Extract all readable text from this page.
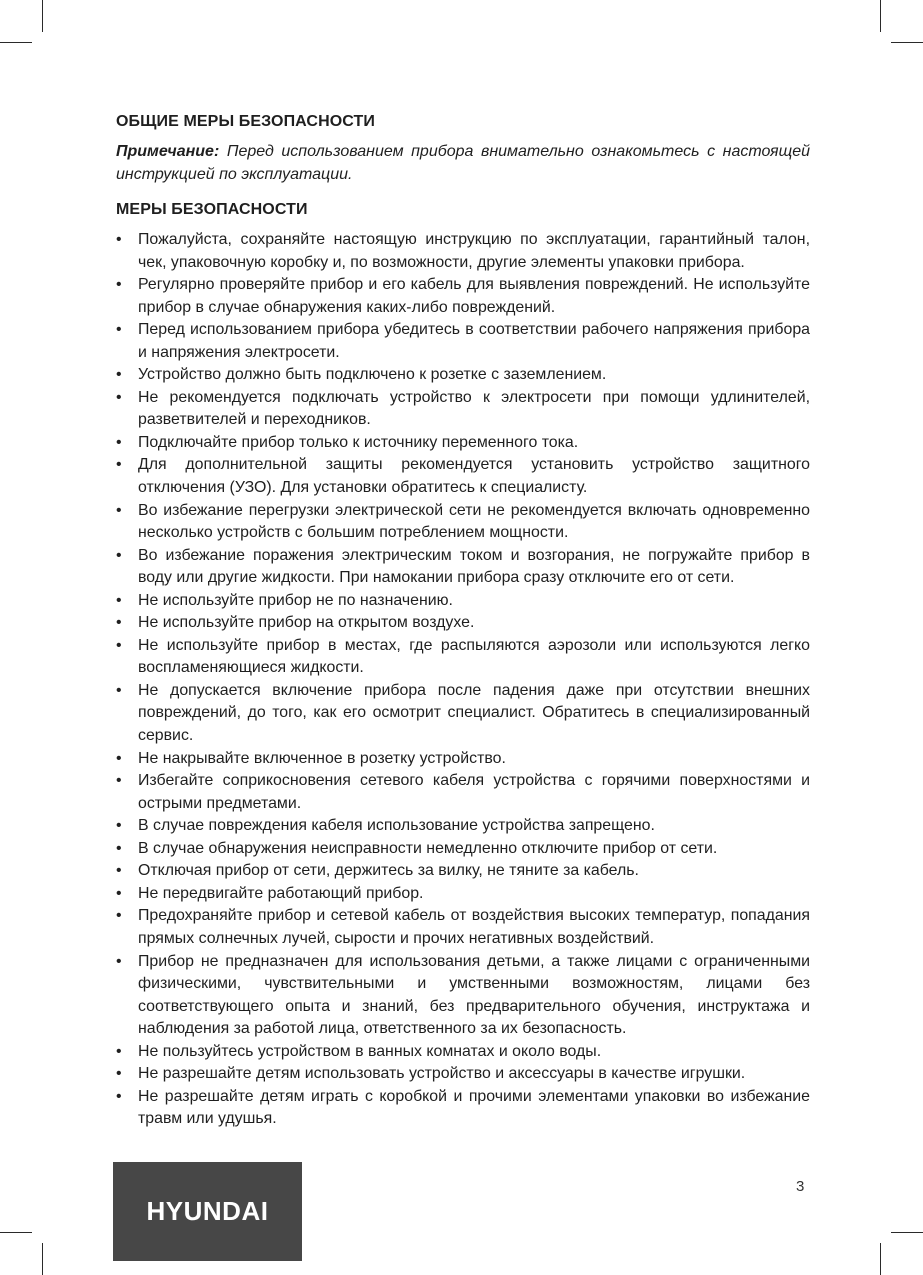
ОБЩИЕ МЕРЫ БЕЗОПАСНОСТИ

Примечание: Перед использованием прибора внимательно ознакомьтесь с настоящей инструкцией по эксплуатации.

МЕРЫ БЕЗОПАСНОСТИ
• Пожалуйста, сохраняйте настоящую инструкцию по эксплуатации, гарантийный талон, чек, упаковочную коробку и, по возможности, другие элементы упаковки прибора.
• Регулярно проверяйте прибор и его кабель для выявления повреждений. Не используйте прибор в случае обнаружения каких-либо повреждений.
• Перед использованием прибора убедитесь в соответствии рабочего напряжения прибора и напряжения электросети.
• Устройство должно быть подключено к розетке с заземлением.
• Не рекомендуется подключать устройство к электросети при помощи удлинителей, разветвителей и переходников.
• Подключайте прибор только к источнику переменного тока.
• Для дополнительной защиты рекомендуется установить устройство защитного отключения (УЗО). Для установки обратитесь к специалисту.
• Во избежание перегрузки электрической сети не рекомендуется включать одновременно несколько устройств с большим потреблением мощности.
• Во избежание поражения электрическим током и возгорания, не погружайте прибор в воду или другие жидкости. При намокании прибора сразу отключите его от сети.
• Не используйте прибор не по назначению.
• Не используйте прибор на открытом воздухе.
• Не используйте прибор в местах, где распыляются аэрозоли или используются легко воспламеняющиеся жидкости.
• Не допускается включение прибора после падения даже при отсутствии внешних повреждений, до того, как его осмотрит специалист. Обратитесь в специализированный сервис.
• Не накрывайте включенное в розетку устройство.
• Избегайте соприкосновения сетевого кабеля устройства с горячими поверхностями и острыми предметами.
• В случае повреждения кабеля использование устройства запрещено.
• В случае обнаружения неисправности немедленно отключите прибор от сети.
• Отключая прибор от сети, держитесь за вилку, не тяните за кабель.
• Не передвигайте работающий прибор.
• Предохраняйте прибор и сетевой кабель от воздействия высоких температур, попадания прямых солнечных лучей, сырости и прочих негативных воздействий.
• Прибор не предназначен для использования детьми, а также лицами с ограниченными физическими, чувствительными и умственными возможностям, лицами без соответствующего опыта и знаний, без предварительного обучения, инструктажа и наблюдения за работой лица, ответственного за их безопасность.
• Не пользуйтесь устройством в ванных комнатах и около воды.
• Не разрешайте детям использовать устройство и аксессуары в качестве игрушки.
• Не разрешайте детям играть с коробкой и прочими элементами упаковки во избежание травм или удушья.
HYUNDAI
3
